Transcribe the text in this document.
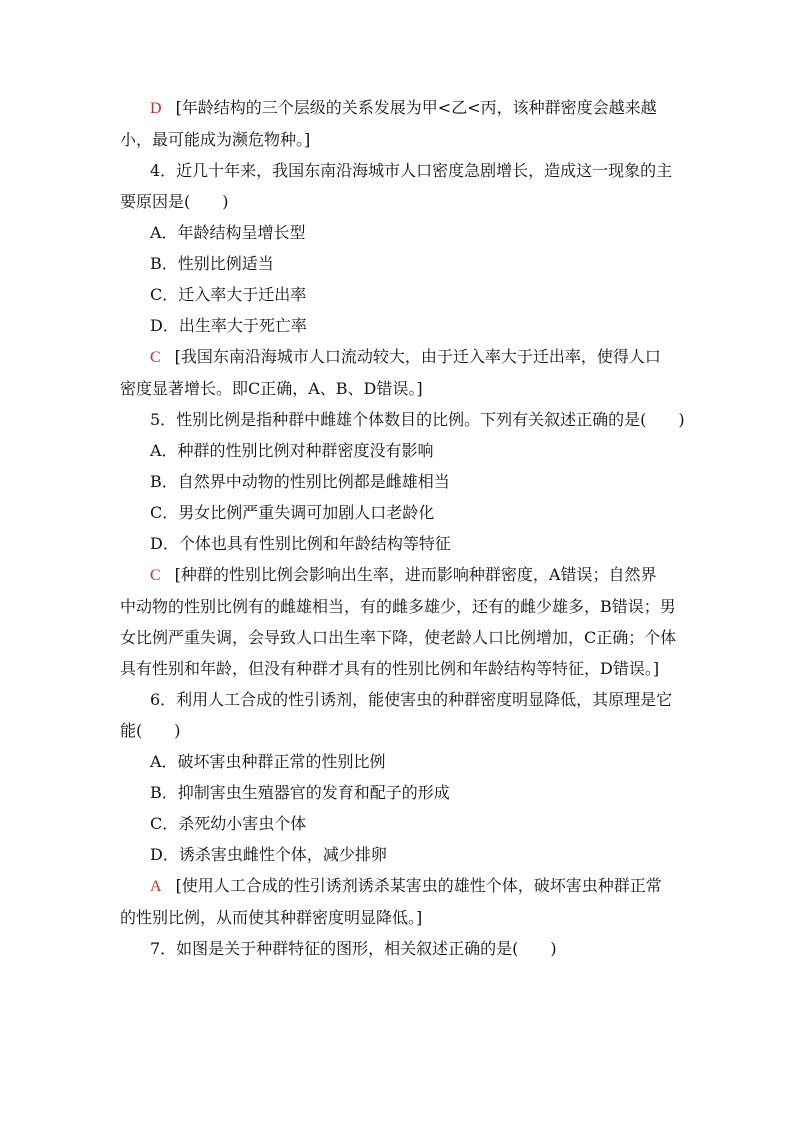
D [年龄结构的三个层级的关系发展为甲<乙<丙，该种群密度会越来越
小，最可能成为濒危物种。]
4．近几十年来，我国东南沿海城市人口密度急剧增长，造成这一现象的主
要原因是(　　)
A．年龄结构呈增长型
B．性别比例适当
C．迁入率大于迁出率
D．出生率大于死亡率
C [我国东南沿海城市人口流动较大，由于迁入率大于迁出率，使得人口
密度显著增长。即C正确，A、B、D错误。]
5．性别比例是指种群中雌雄个体数目的比例。下列有关叙述正确的是(　　)
A．种群的性别比例对种群密度没有影响
B．自然界中动物的性别比例都是雌雄相当
C．男女比例严重失调可加剧人口老龄化
D．个体也具有性别比例和年龄结构等特征
C [种群的性别比例会影响出生率，进而影响种群密度，A错误；自然界
中动物的性别比例有的雌雄相当，有的雌多雄少，还有的雌少雄多，B错误；男
女比例严重失调，会导致人口出生率下降，使老龄人口比例增加，C正确；个体
具有性别和年龄，但没有种群才具有的性别比例和年龄结构等特征，D错误。]
6．利用人工合成的性引诱剂，能使害虫的种群密度明显降低，其原理是它
能(　　)
A．破坏害虫种群正常的性别比例
B．抑制害虫生殖器官的发育和配子的形成
C．杀死幼小害虫个体
D．诱杀害虫雌性个体，减少排卵
A [使用人工合成的性引诱剂诱杀某害虫的雄性个体，破坏害虫种群正常
的性别比例，从而使其种群密度明显降低。]
7．如图是关于种群特征的图形，相关叙述正确的是(　　)
